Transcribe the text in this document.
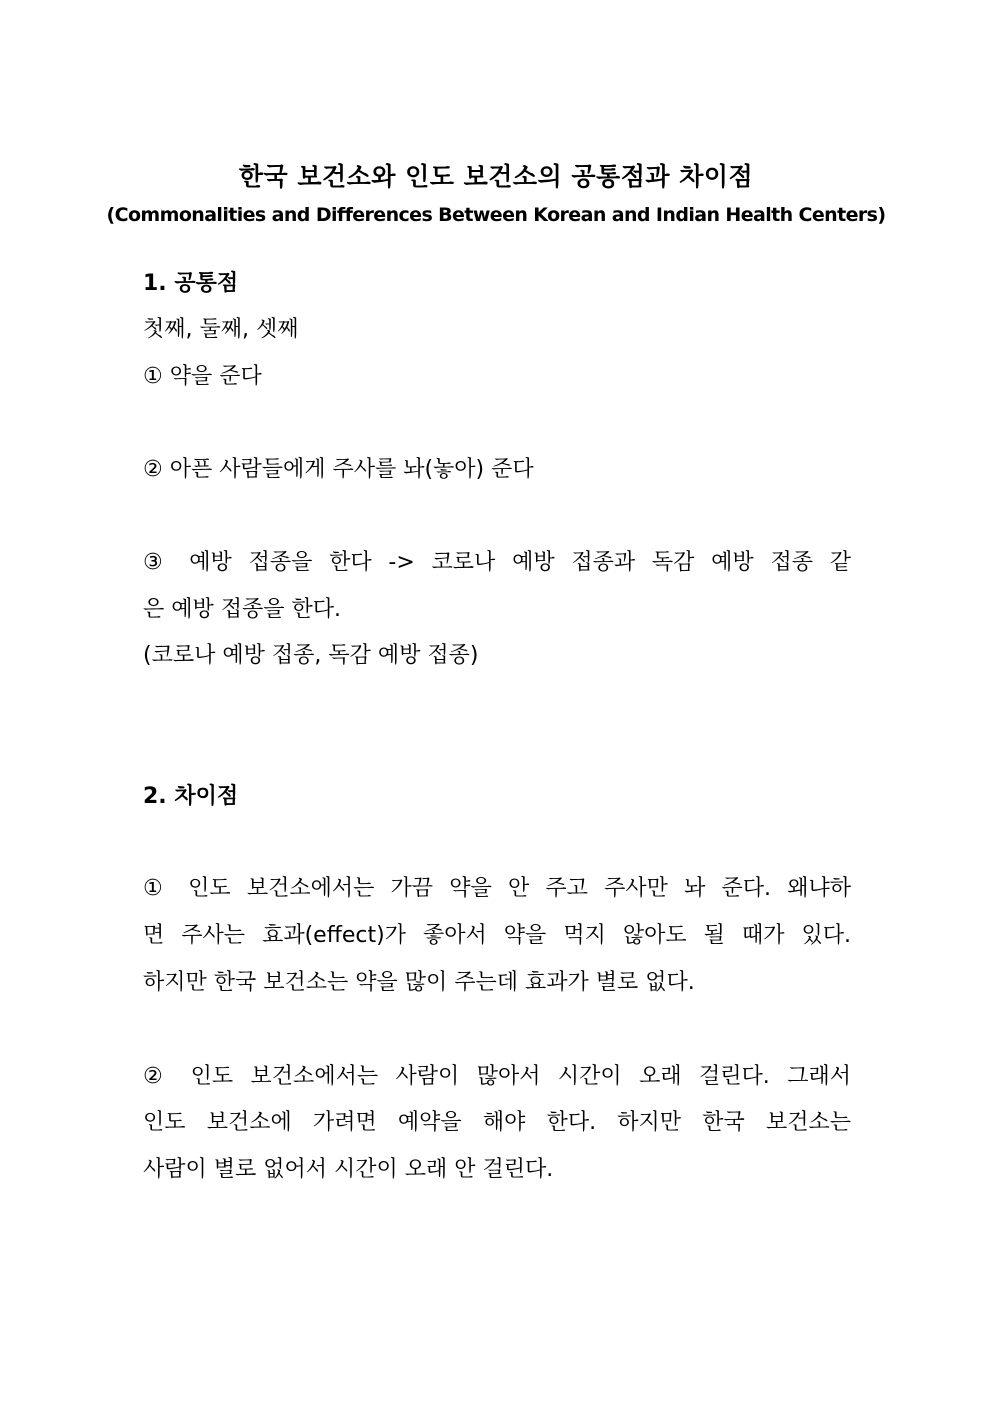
한국 보건소와 인도 보건소의 공통점과 차이점
(Commonalities and Differences Between Korean and Indian Health Centers)
1. 공통점
첫째, 둘째, 셋째
① 약을 준다
② 아픈 사람들에게 주사를 놔(놓아) 준다
③ 예방 접종을 한다 -> 코로나 예방 접종과 독감 예방 접종 같
은 예방 접종을 한다.
(코로나 예방 접종, 독감 예방 접종)
2. 차이점
① 인도 보건소에서는 가끔 약을 안 주고 주사만 놔 준다. 왜냐하
면 주사는 효과(effect)가 좋아서 약을 먹지 않아도 될 때가 있다.
하지만 한국 보건소는 약을 많이 주는데 효과가 별로 없다.
② 인도 보건소에서는 사람이 많아서 시간이 오래 걸린다. 그래서
인도 보건소에 가려면 예약을 해야 한다. 하지만 한국 보건소는
사람이 별로 없어서 시간이 오래 안 걸린다.
